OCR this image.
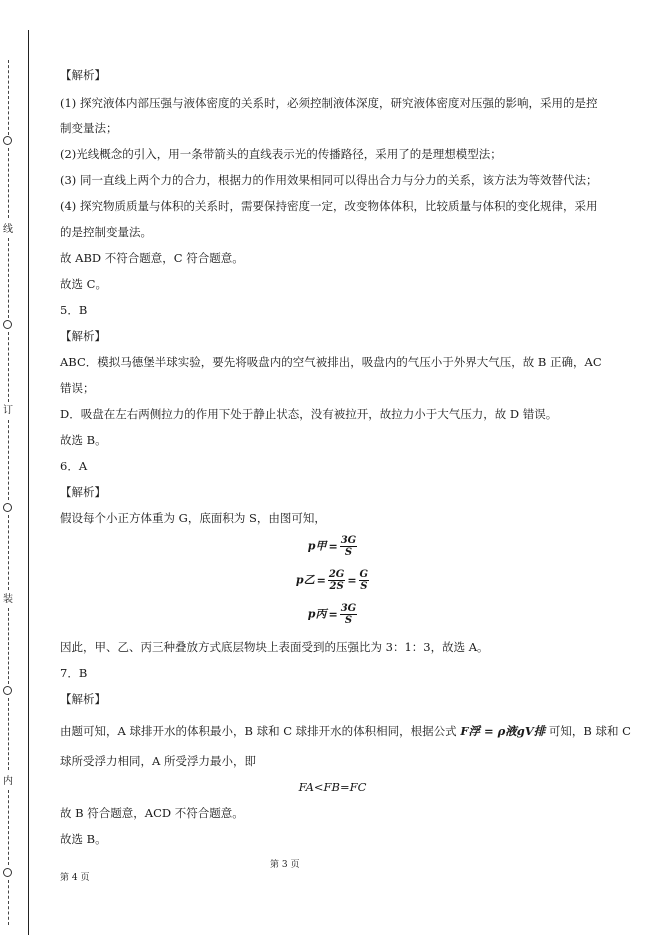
线
订
装
内
【解析】
(1) 探究液体内部压强与液体密度的关系时，必须控制液体深度，研究液体密度对压强的影响，采用的是控
制变量法；
(2)光线概念的引入，用一条带箭头的直线表示光的传播路径，采用了的是理想模型法；
(3) 同一直线上两个力的合力，根据力的作用效果相同可以得出合力与分力的关系，该方法为等效替代法；
(4) 探究物质质量与体积的关系时，需要保持密度一定，改变物体体积，比较质量与体积的变化规律，采用
的是控制变量法。
故 ABD 不符合题意，C 符合题意。
故选 C。
5．B
【解析】
ABC．模拟马德堡半球实验，要先将吸盘内的空气被排出，吸盘内的气压小于外界大气压，故 B 正确，AC
错误；
D．吸盘在左右两侧拉力的作用下处于静止状态，没有被拉开，故拉力小于大气压力，故 D 错误。
故选 B。
6．A
【解析】
假设每个小正方体重为 G，底面积为 S，由图可知，
p甲 = $\frac{3G}{S}$
p乙 = $\frac{2G}{2S} = \frac{G}{S}$
p丙 = $\frac{3G}{S}$
因此，甲、乙、丙三种叠放方式底层物块上表面受到的压强比为 3：1：3，故选 A。
7．B
【解析】
由题可知，A 球排开水的体积最小，B 球和 C 球排开水的体积相同，根据公式 F浮 = ρ液gV排 可知，B 球和 C
球所受浮力相同，A 所受浮力最小，即
FA<FB=FC
故 B 符合题意，ACD 不符合题意。
故选 B。
第 3 页
第 4 页
